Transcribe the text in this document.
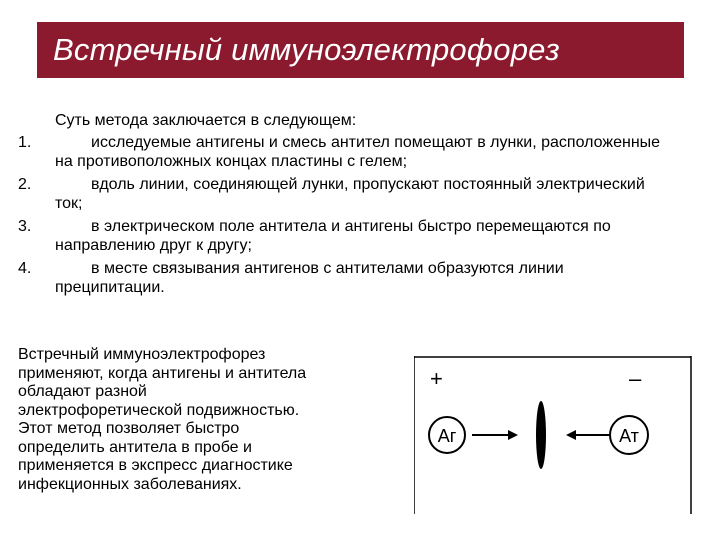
Встречный иммуноэлектрофорез
Суть метода заключается в следующем:
1.	исследуемые антигены и смесь антител помещают в лунки, расположенные на противоположных концах пластины с гелем;
2.	вдоль линии, соединяющей лунки, пропускают постоянный электрический ток;
3.	в электрическом поле антитела и антигены быстро перемещаются по направлению друг к другу;
4.	в месте связывания антигенов с антителами образуются линии преципитации.
Встречный иммуноэлектрофорез
применяют, когда антигены и антитела
обладают разной
электрофоретической подвижностью.
Этот метод позволяет быстро
определить антитела в пробе и
применяется в экспресс диагностике
инфекционных заболеваниях.
+	–
Аг	Ат
